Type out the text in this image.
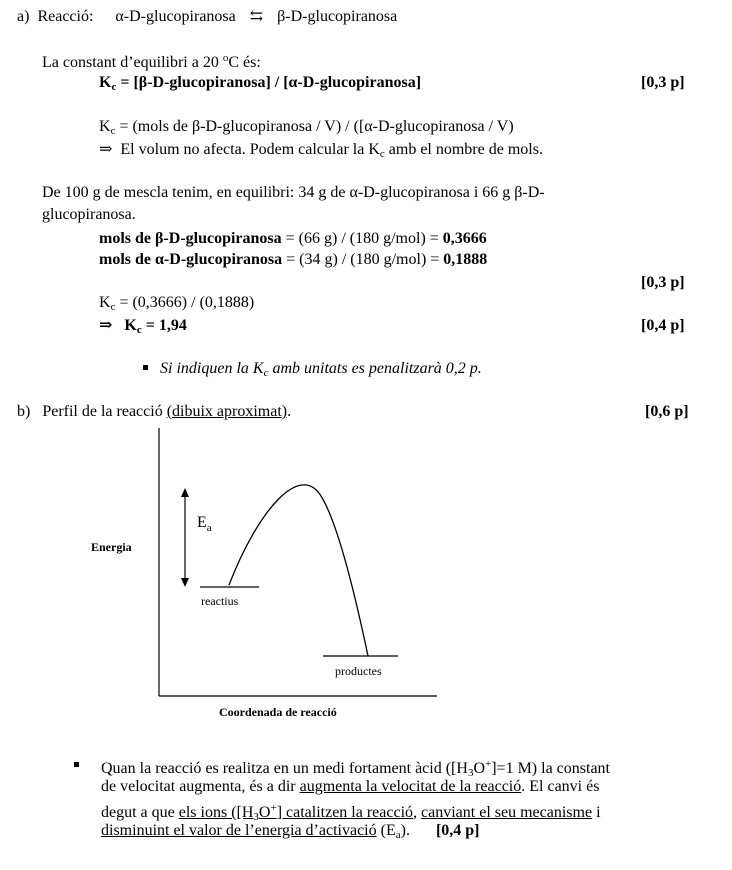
a) Reacció: α-D-glucopiranosa ⇆ β-D-glucopiranosa
La constant d’equilibri a 20 $^o$C és:
Kc = [β-D-glucopiranosa] / [α-D-glucopiranosa]	[0,3 p]
Kc = (mols de β-D-glucopiranosa / V) / ([α-D-glucopiranosa / V)
⇒ El volum no afecta. Podem calcular la Kc amb el nombre de mols.
De 100 g de mescla tenim, en equilibri: 34 g de α-D-glucopiranosa i 66 g β-D-
glucopiranosa.
mols de β-D-glucopiranosa = (66 g) / (180 g/mol) = 0,3666
mols de α-D-glucopiranosa = (34 g) / (180 g/mol) = 0,1888
[0,3 p]
Kc = (0,3666) / (0,1888)
⇒ Kc = 1,94	[0,4 p]
Si indiquen la Kc amb unitats es penalitzarà 0,2 p.
b) Perfil de la reacció (dibuix aproximat).	[0,6 p]
Energia
Coordenada de reacció
$E_a$
reactius
productes
Quan la reacció es realitza en un medi fortament àcid ([H3O+]=1 M) la constant
de velocitat augmenta, és a dir augmenta la velocitat de la reacció. El canvi és
degut a que els ions ([H3O+] catalitzen la reacció, canviant el seu mecanisme i
disminuint el valor de l’energia d’activació (Ea). [0,4 p]
